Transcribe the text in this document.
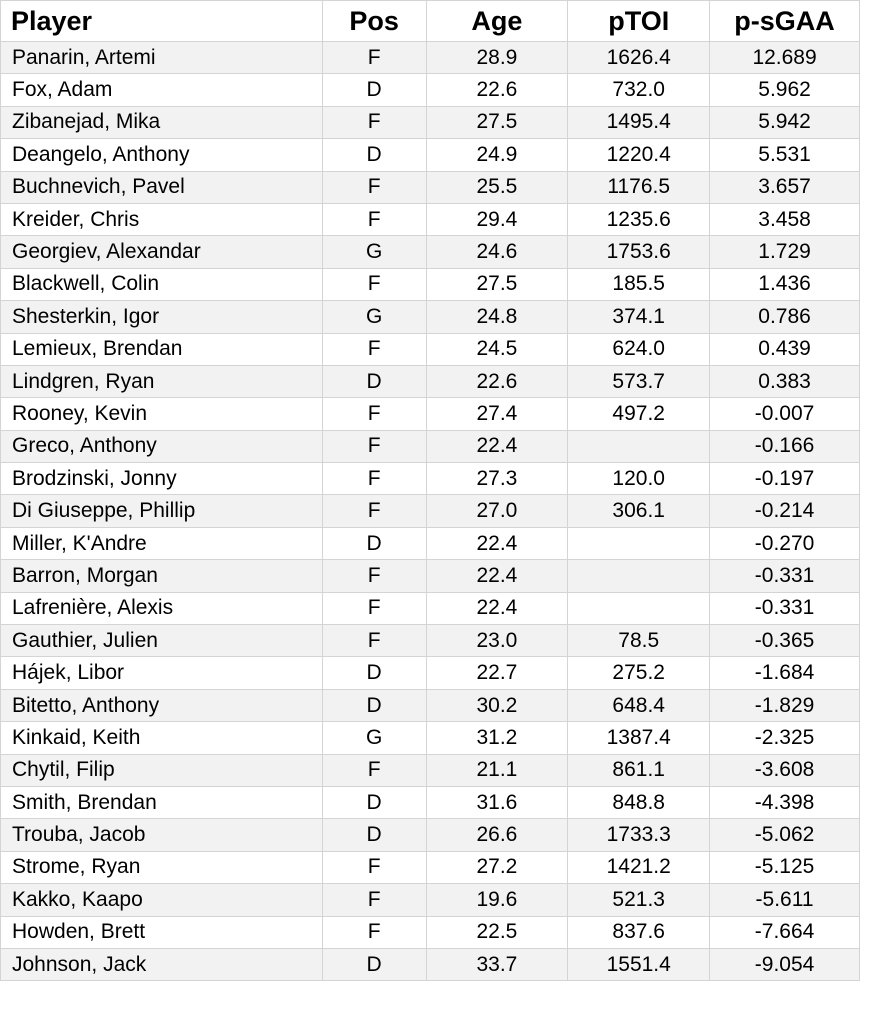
Player	Pos	Age	pTOI	p-sGAA
Panarin, Artemi	F	28.9	1626.4	12.689
Fox, Adam	D	22.6	732.0	5.962
Zibanejad, Mika	F	27.5	1495.4	5.942
Deangelo, Anthony	D	24.9	1220.4	5.531
Buchnevich, Pavel	F	25.5	1176.5	3.657
Kreider, Chris	F	29.4	1235.6	3.458
Georgiev, Alexandar	G	24.6	1753.6	1.729
Blackwell, Colin	F	27.5	185.5	1.436
Shesterkin, Igor	G	24.8	374.1	0.786
Lemieux, Brendan	F	24.5	624.0	0.439
Lindgren, Ryan	D	22.6	573.7	0.383
Rooney, Kevin	F	27.4	497.2	-0.007
Greco, Anthony	F	22.4		-0.166
Brodzinski, Jonny	F	27.3	120.0	-0.197
Di Giuseppe, Phillip	F	27.0	306.1	-0.214
Miller, K'Andre	D	22.4		-0.270
Barron, Morgan	F	22.4		-0.331
Lafrenière, Alexis	F	22.4		-0.331
Gauthier, Julien	F	23.0	78.5	-0.365
Hájek, Libor	D	22.7	275.2	-1.684
Bitetto, Anthony	D	30.2	648.4	-1.829
Kinkaid, Keith	G	31.2	1387.4	-2.325
Chytil, Filip	F	21.1	861.1	-3.608
Smith, Brendan	D	31.6	848.8	-4.398
Trouba, Jacob	D	26.6	1733.3	-5.062
Strome, Ryan	F	27.2	1421.2	-5.125
Kakko, Kaapo	F	19.6	521.3	-5.611
Howden, Brett	F	22.5	837.6	-7.664
Johnson, Jack	D	33.7	1551.4	-9.054
